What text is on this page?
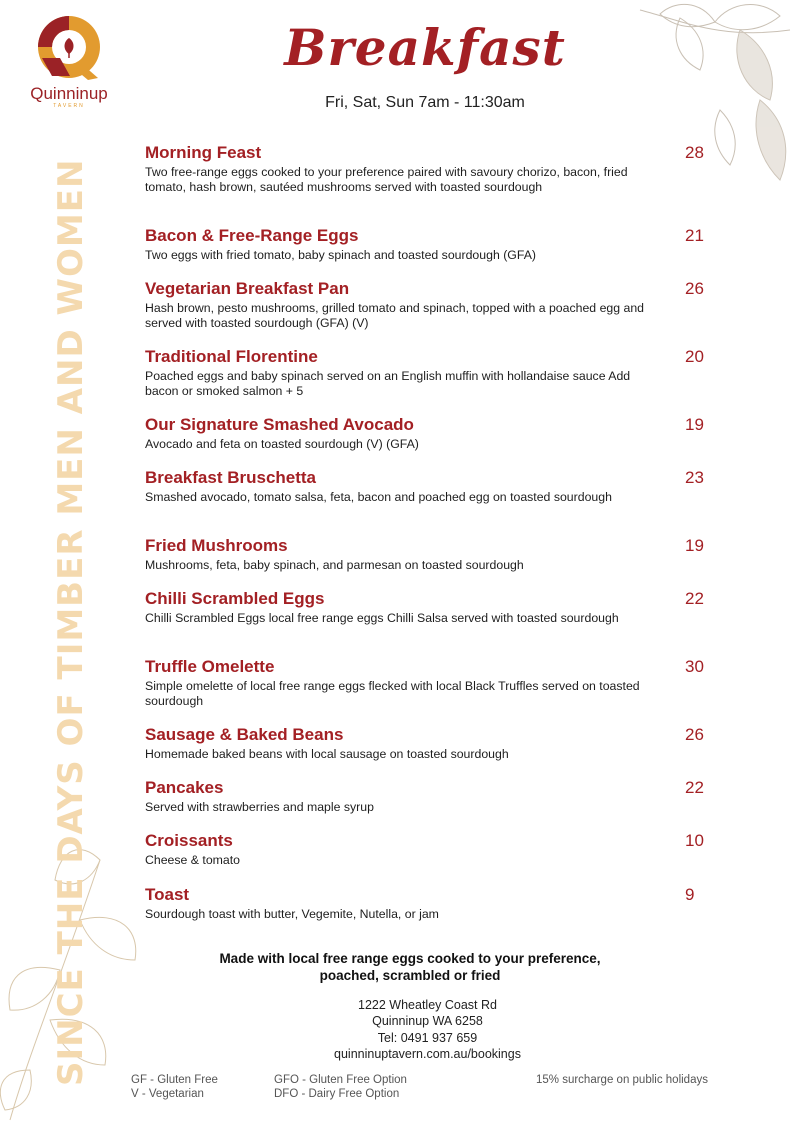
Quinninup
TAVERN
Breakfast
Fri, Sat, Sun 7am - 11:30am
SINCE THE DAYS OF TIMBER MEN AND WOMEN
Morning Feast	28
Two free-range eggs cooked to your preference paired with savoury chorizo, bacon, fried tomato, hash brown, sautéed mushrooms served with toasted sourdough
Bacon & Free-Range Eggs	21
Two eggs with fried tomato, baby spinach and toasted sourdough (GFA)
Vegetarian Breakfast Pan	26
Hash brown, pesto mushrooms, grilled tomato and spinach, topped with a poached egg and served with toasted sourdough (GFA) (V)
Traditional Florentine	20
Poached eggs and baby spinach served on an English muffin with hollandaise sauce Add bacon or smoked salmon + 5
Our Signature Smashed Avocado	19
Avocado and feta on toasted sourdough (V) (GFA)
Breakfast Bruschetta	23
Smashed avocado, tomato salsa, feta, bacon and poached egg on toasted sourdough
Fried Mushrooms	19
Mushrooms, feta, baby spinach, and parmesan on toasted sourdough
Chilli Scrambled Eggs	22
Chilli Scrambled Eggs local free range eggs Chilli Salsa served with toasted sourdough
Truffle Omelette	30
Simple omelette of local free range eggs flecked with local Black Truffles served on toasted sourdough
Sausage & Baked Beans	26
Homemade baked beans with local sausage on toasted sourdough
Pancakes	22
Served with strawberries and maple syrup
Croissants	10
Cheese & tomato
Toast	9
Sourdough toast with butter, Vegemite, Nutella, or jam
Made with local free range eggs cooked to your preference,
poached, scrambled or fried
1222 Wheatley Coast Rd
Quinninup WA 6258
Tel: 0491 937 659
quinninuptavern.com.au/bookings
GF - Gluten Free
V - Vegetarian
GFO - Gluten Free Option
DFO - Dairy Free Option
15% surcharge on public holidays
